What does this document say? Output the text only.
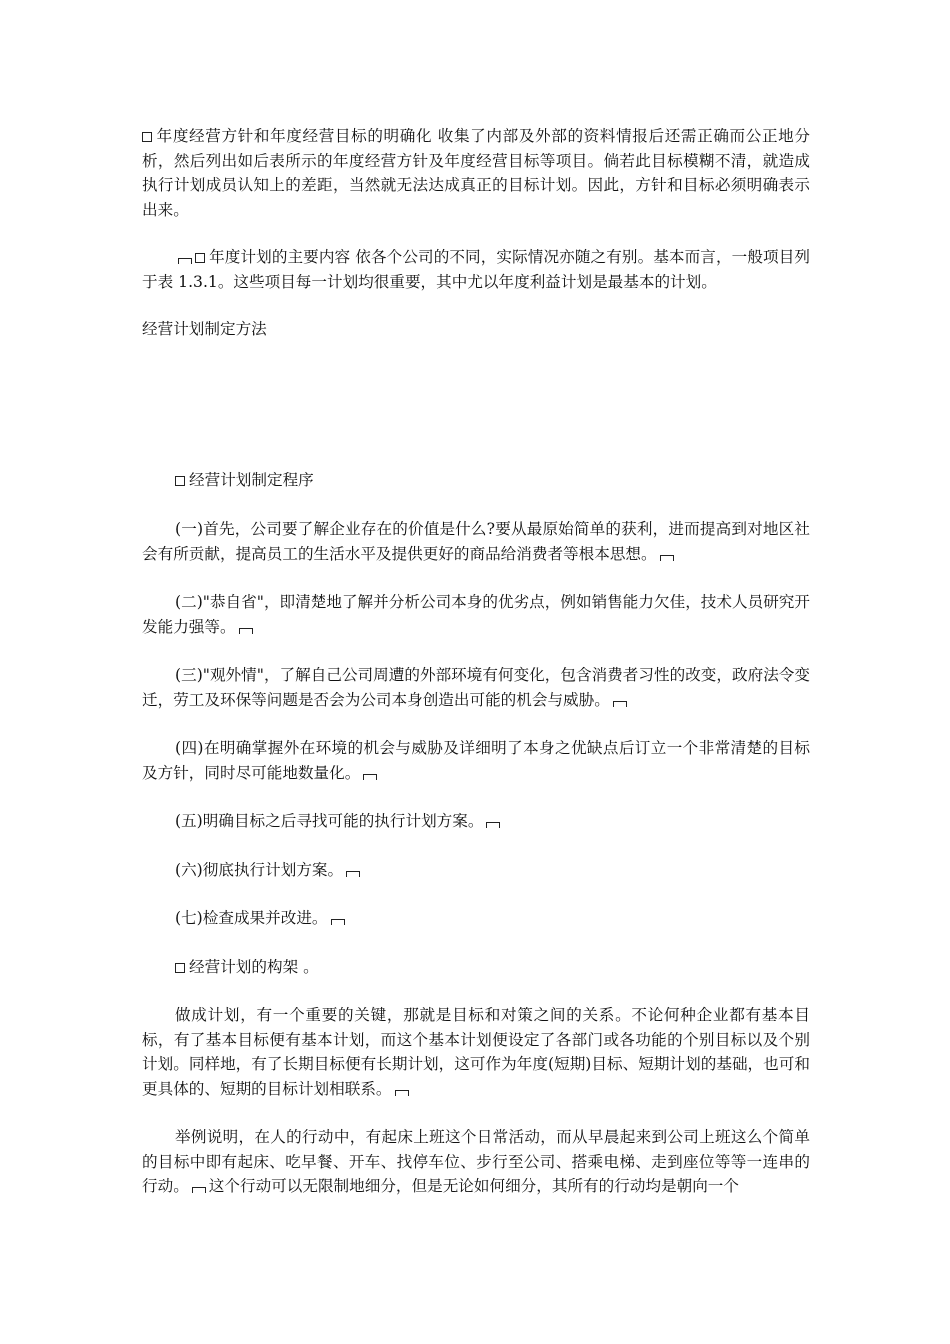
年度经营方针和年度经营目标的明确化 收集了内部及外部的资料情报后还需正确而公正地分析，然后列出如后表所示的年度经营方针及年度经营目标等项目。倘若此目标模糊不清，就造成执行计划成员认知上的差距，当然就无法达成真正的目标计划。因此，方针和目标必须明确表示出来。

年度计划的主要内容 依各个公司的不同，实际情况亦随之有别。基本而言，一般项目列于表 1.3.1。这些项目每一计划均很重要，其中尤以年度利益计划是最基本的计划。

经营计划制定方法

经营计划制定程序

(一)首先，公司要了解企业存在的价值是什么?要从最原始简单的获利，进而提高到对地区社会有所贡献，提高员工的生活水平及提供更好的商品给消费者等根本思想。

(二)"恭自省"，即清楚地了解并分析公司本身的优劣点，例如销售能力欠佳，技术人员研究开发能力强等。

(三)"观外情"，了解自己公司周遭的外部环境有何变化，包含消费者习性的改变，政府法令变迁，劳工及环保等问题是否会为公司本身创造出可能的机会与威胁。

(四)在明确掌握外在环境的机会与威胁及详细明了本身之优缺点后订立一个非常清楚的目标及方针，同时尽可能地数量化。

(五)明确目标之后寻找可能的执行计划方案。

(六)彻底执行计划方案。

(七)检查成果并改进。

经营计划的构架 。

做成计划，有一个重要的关键，那就是目标和对策之间的关系。不论何种企业都有基本目标，有了基本目标便有基本计划，而这个基本计划便设定了各部门或各功能的个别目标以及个别计划。同样地，有了长期目标便有长期计划，这可作为年度(短期)目标、短期计划的基础，也可和更具体的、短期的目标计划相联系。

举例说明，在人的行动中，有起床上班这个日常活动，而从早晨起来到公司上班这么个简单的目标中即有起床、吃早餐、开车、找停车位、步行至公司、搭乘电梯、走到座位等等一连串的行动。 这个行动可以无限制地细分，但是无论如何细分，其所有的行动均是朝向一个
